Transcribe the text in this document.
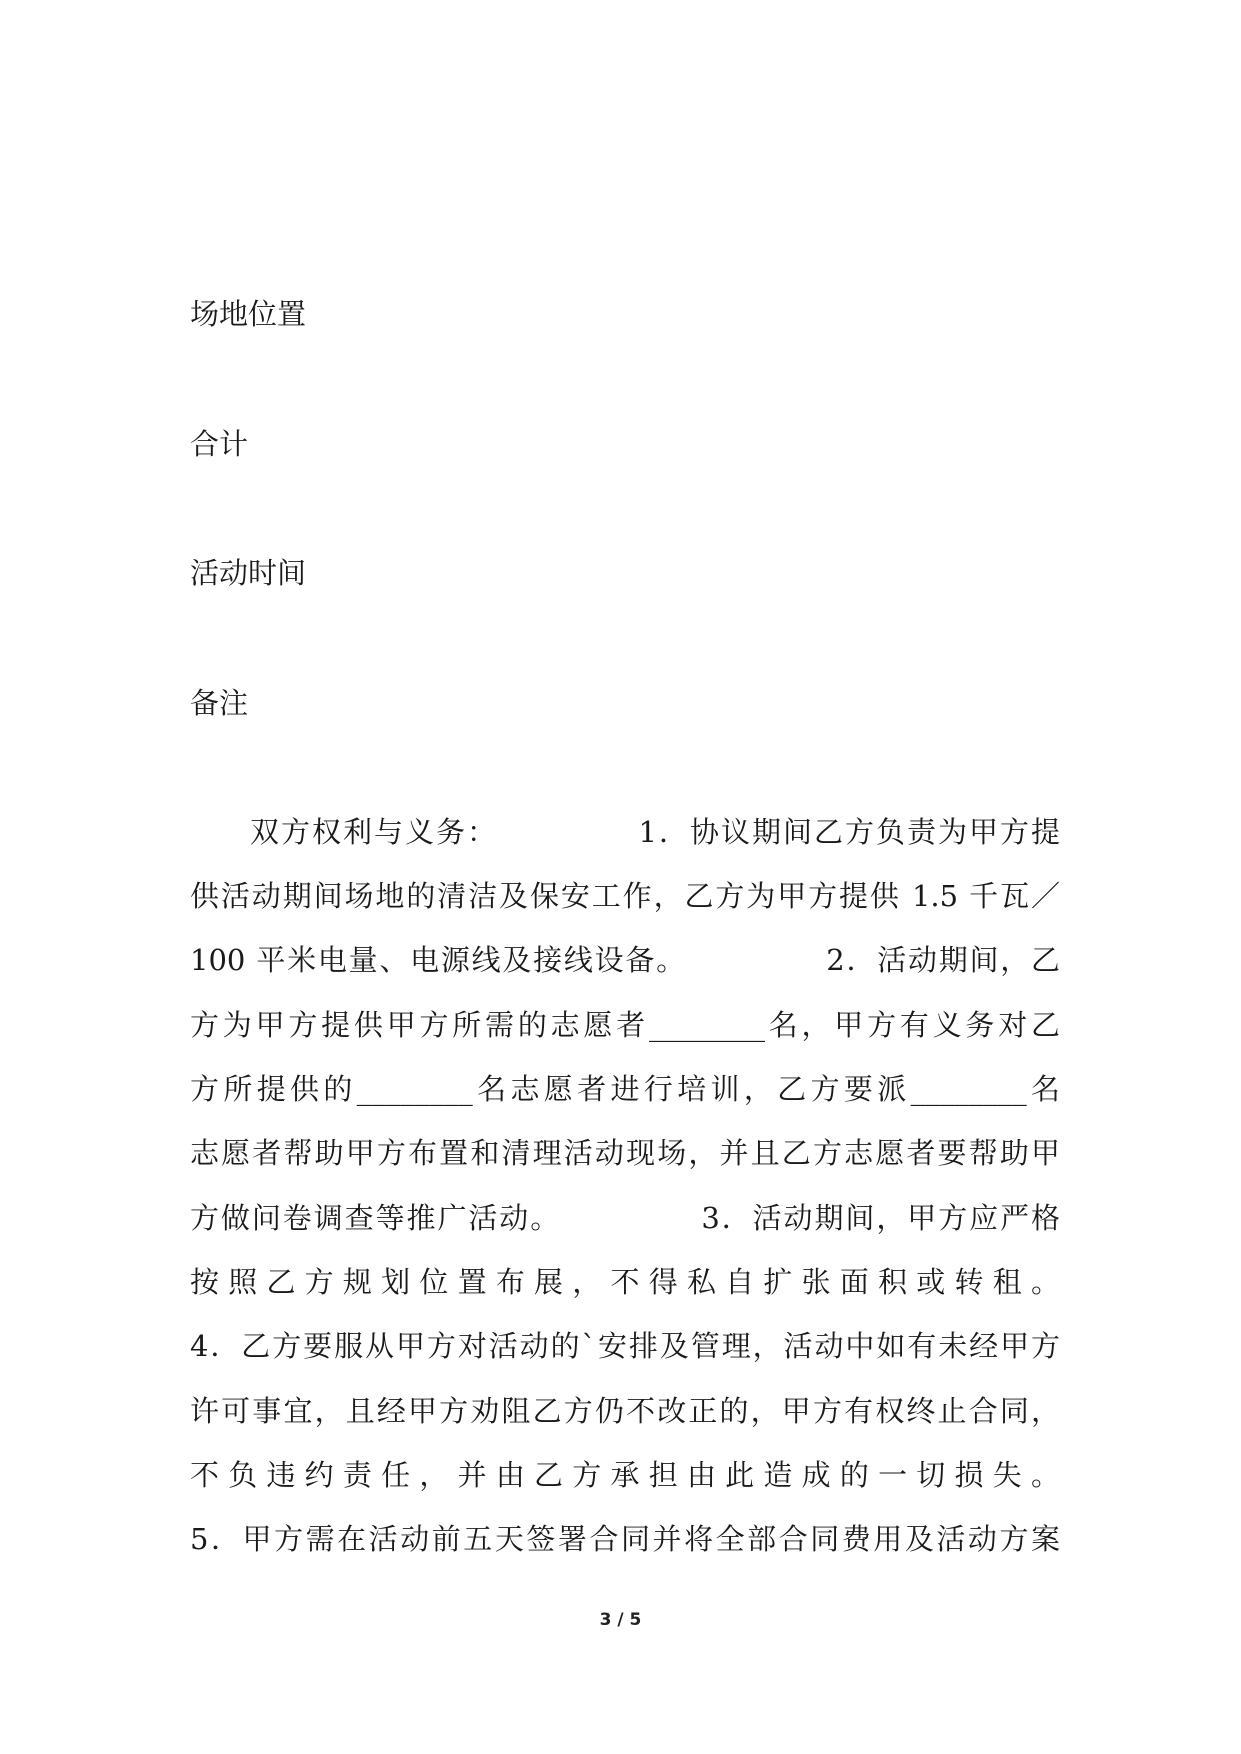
场地位置
合计
活动时间
备注
双方权利与义务：　　　　　1．协议期间乙方负责为甲方提
供活动期间场地的清洁及保安工作，乙方为甲方提供 1.5 千瓦／
100 平米电量、电源线及接线设备。　　　　　2．活动期间，乙
方为甲方提供甲方所需的志愿者________名，甲方有义务对乙
方所提供的________名志愿者进行培训，乙方要派________名
志愿者帮助甲方布置和清理活动现场，并且乙方志愿者要帮助甲
方做问卷调查等推广活动。　　　　　3．活动期间，甲方应严格
按照乙方规划位置布展，不得私自扩张面积或转租。
4．乙方要服从甲方对活动的`安排及管理，活动中如有未经甲方
许可事宜，且经甲方劝阻乙方仍不改正的，甲方有权终止合同，
不负违约责任，并由乙方承担由此造成的一切损失。
5．甲方需在活动前五天签署合同并将全部合同费用及活动方案
3 / 5
